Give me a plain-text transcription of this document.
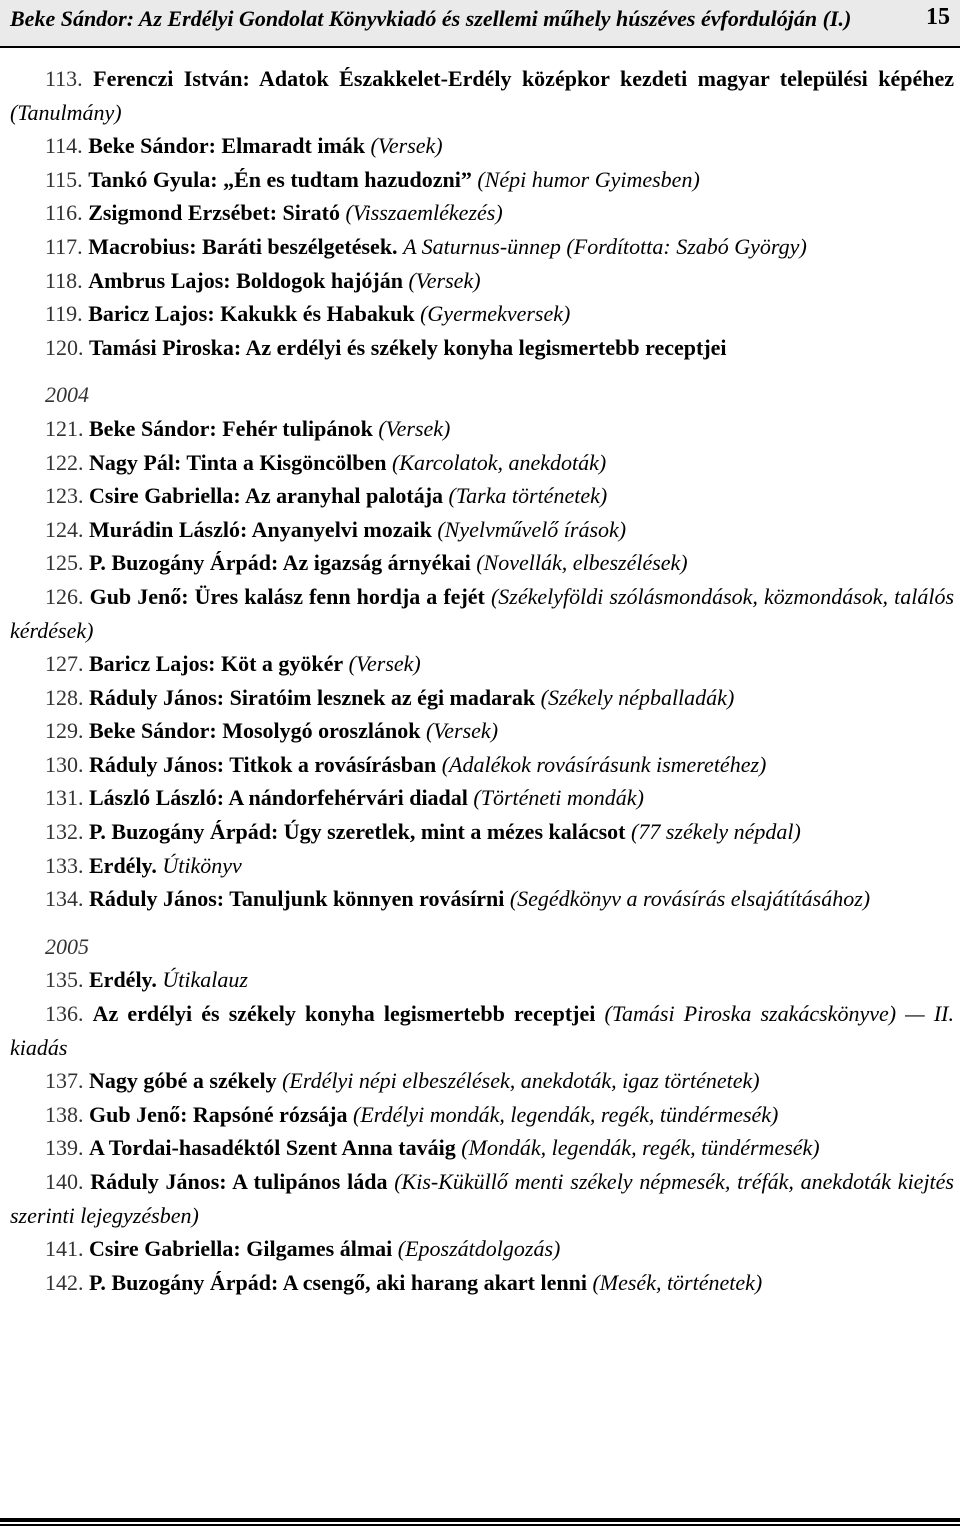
Beke Sándor: Az Erdélyi Gondolat Könyvkiadó és szellemi műhely húszéves évfordulóján (I.)	15

113. Ferenczi István: Adatok Északkelet-Erdély középkor kezdeti magyar települési képéhez (Tanulmány)

114. Beke Sándor: Elmaradt imák (Versek)

115. Tankó Gyula: „Én es tudtam hazudozni” (Népi humor Gyimesben)

116. Zsigmond Erzsébet: Sirató (Visszaemlékezés)

117. Macrobius: Baráti beszélgetések. A Saturnus-ünnep (Fordította: Szabó György)

118. Ambrus Lajos: Boldogok hajóján (Versek)

119. Baricz Lajos: Kakukk és Habakuk (Gyermekversek)

120. Tamási Piroska: Az erdélyi és székely konyha legismertebb receptjei

2004

121. Beke Sándor: Fehér tulipánok (Versek)

122. Nagy Pál: Tinta a Kisgöncölben (Karcolatok, anekdoták)

123. Csire Gabriella: Az aranyhal palotája (Tarka történetek)

124. Murádin László: Anyanyelvi mozaik (Nyelvművelő írások)

125. P. Buzogány Árpád: Az igazság árnyékai (Novellák, elbeszélések)

126. Gub Jenő: Üres kalász fenn hordja a fejét (Székelyföldi szólásmondások, közmondások, találós kérdések)

127. Baricz Lajos: Köt a gyökér (Versek)

128. Ráduly János: Siratóim lesznek az égi madarak (Székely népballadák)

129. Beke Sándor: Mosolygó oroszlánok (Versek)

130. Ráduly János: Titkok a rovásírásban (Adalékok rovásírásunk ismeretéhez)

131. László László: A nándorfehérvári diadal (Történeti mondák)

132. P. Buzogány Árpád: Úgy szeretlek, mint a mézes kalácsot (77 székely népdal)

133. Erdély. Útikönyv

134. Ráduly János: Tanuljunk könnyen rovásírni (Segédkönyv a rovásírás elsajátításához)

2005

135. Erdély. Útikalauz

136. Az erdélyi és székely konyha legismertebb receptjei (Tamási Piroska szakácskönyve) — II. kiadás

137. Nagy góbé a székely (Erdélyi népi elbeszélések, anekdoták, igaz történetek)

138. Gub Jenő: Rapsóné rózsája (Erdélyi mondák, legendák, regék, tündérmesék)

139. A Tordai-hasadéktól Szent Anna taváig (Mondák, legendák, regék, tündérmesék)

140. Ráduly János: A tulipános láda (Kis-Küküllő menti székely népmesék, tréfák, anekdoták kiejtés szerinti lejegyzésben)

141. Csire Gabriella: Gilgames álmai (Eposzátdolgozás)

142. P. Buzogány Árpád: A csengő, aki harang akart lenni (Mesék, történetek)
